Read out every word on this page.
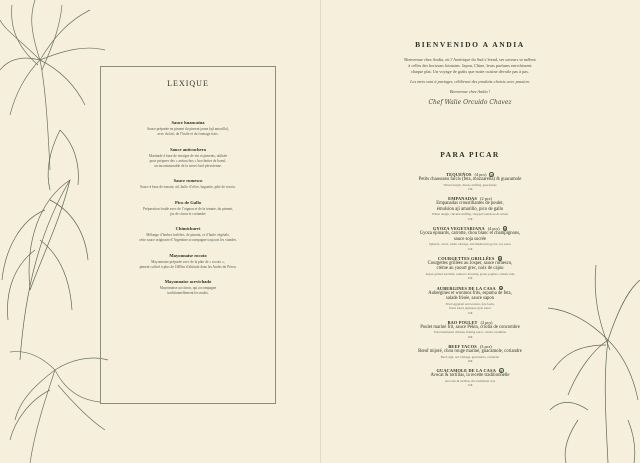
LEXIQUE
Sauce huancaína
Sauce préparée en piment du piment jaune (ají amarillo),
avec du lait, de l’huile et du fromage frais.
Sauce anticuchera
Marinade à base de vinaigre de vin et piments, utilisée
pour préparer des « anticuchos » brochettes de boeuf,
un incontournable de la street food péruvienne.
Sauce romesco
Sauce à base de tomate, ail, huile d’olive, baguette, pâte de rocoto.
Pico de Gallo
Préparation froide avec de l’oignon et de la tomate, du piment,
jus de citron et coriandre
Chimichurri
Mélange d’herbes fraîches, de piment, et d’huile végétale,
cette sauce originaire d’Argentine accompagne toujours les viandes.
Mayonnaise rocoto
Mayonnaise préparée avec de la pâte de « rocoto »,
piment cultivé à plus de 1600m d’altitude dans les Andes du Pérou.
Mayonnaise acevichado
Mayonnaise au citron, qui accompagne
traditionnellement les makis.
BIENVENIDO A ANDIA

Bienvenue chez Andia, où l’Amérique du Sud s’étend, ses saveurs se mêlent
à celles des horizons lointains. Japon, Chine, leurs parfums enrichissent
chaque plat. Un voyage de goûts que notre cuisine dévoile pas à pas.

Les mets sont à partager, célébrant des produits choisis avec passion.

Bienvenue chez Andia !

Chef Walie Orcuido Chavez
PARA PICAR
TEQUEÑOS (4 pcs)	✿
Petits chaussons farcis (feta, mozzarella) & guacamole
Wheat dough, cheese stuffing, guacamole
13€
EMPANADAS (2 pcs)
Empanadas croustillantes de poulet,
émulsion ají amarillo, pico de gallo
Wheat dough, chicken stuffing, chopped tomatoes & onions
15€
GYOZA VEGETARIANA (4 pcs)	✿
Gyoza épinards, carrotte, chou blanc et champignons,
sauce soja sucrée
Spinach, carrot, white cabbage, and mushroom gyoza, soy sauce
15€
COURGETTES GRILLÉES	✿
Courgettes grillées au Josper, sauce romesco,
crème au yaourt grec, noix de cajou
Josper-grilled zucchini, romesco dressing, greek yoghurt, cashew nuts
15€
AUBERGINES DE LA CASA	✿
Aubergines et wontons frits, espuma de feta,
salade frisée, sauce sapon
Fried eggplant and wonton, feta foam,
frisée salad, japanese-style sauce
15€
BAO POULET (2 pcs)
Poulet mariné frit, sauce Pékin, criolla de concombre
Fried marinated chicken, Peking sauce, criolla cucumber
16€
BEEF TACOS (3 pcs)
Bœuf mijoté, chou rouge mariné, guacamole, coriandre
Beef ragù, red cabbage, guacamole, coriander
16€
GUACAMOLE DE LA CASA	✿
Avocat & tortillas, la recette traditionnelle
Avocado & tortillas, the traditional way
15€
